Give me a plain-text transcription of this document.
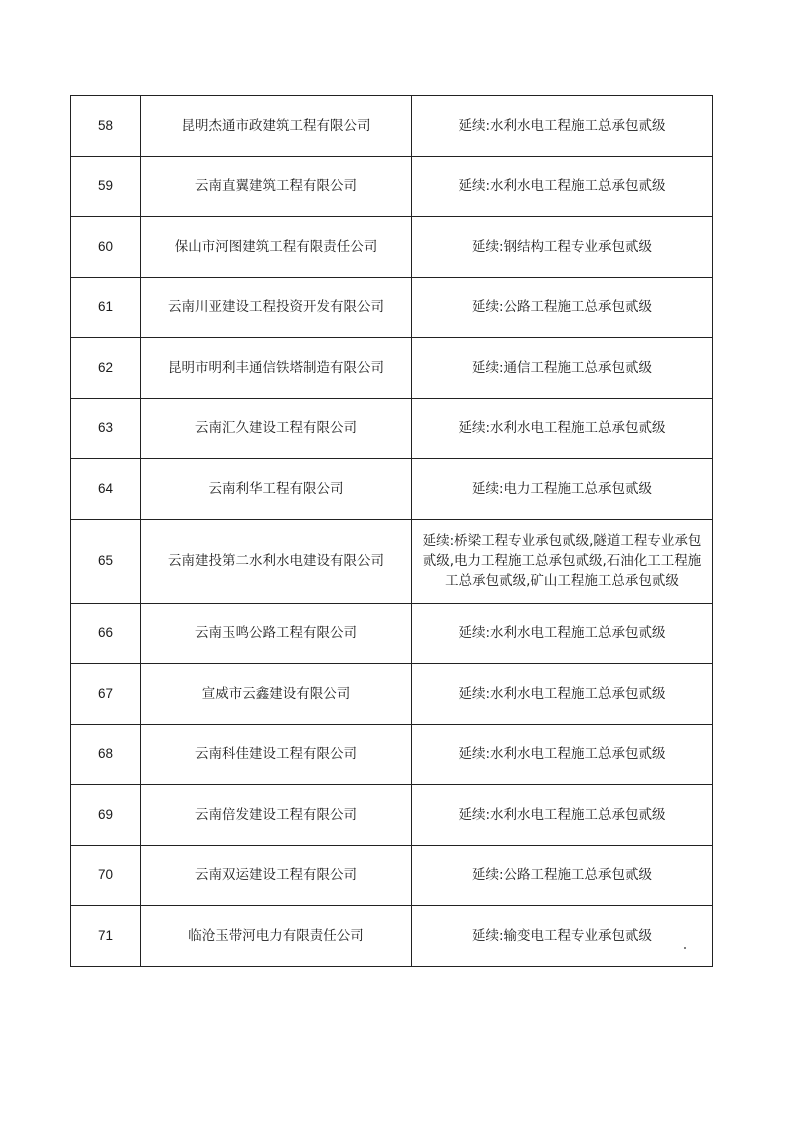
58	昆明杰通市政建筑工程有限公司	延续:水利水电工程施工总承包贰级
59	云南直翼建筑工程有限公司	延续:水利水电工程施工总承包贰级
60	保山市河图建筑工程有限责任公司	延续:钢结构工程专业承包贰级
61	云南川亚建设工程投资开发有限公司	延续:公路工程施工总承包贰级
62	昆明市明利丰通信铁塔制造有限公司	延续:通信工程施工总承包贰级
63	云南汇久建设工程有限公司	延续:水利水电工程施工总承包贰级
64	云南利华工程有限公司	延续:电力工程施工总承包贰级
65	云南建投第二水利水电建设有限公司	延续:桥梁工程专业承包贰级,隧道工程专业承包贰级,电力工程施工总承包贰级,石油化工工程施工总承包贰级,矿山工程施工总承包贰级
66	云南玉鸣公路工程有限公司	延续:水利水电工程施工总承包贰级
67	宣威市云鑫建设有限公司	延续:水利水电工程施工总承包贰级
68	云南科佳建设工程有限公司	延续:水利水电工程施工总承包贰级
69	云南倍发建设工程有限公司	延续:水利水电工程施工总承包贰级
70	云南双运建设工程有限公司	延续:公路工程施工总承包贰级
71	临沧玉带河电力有限责任公司	延续:输变电工程专业承包贰级
